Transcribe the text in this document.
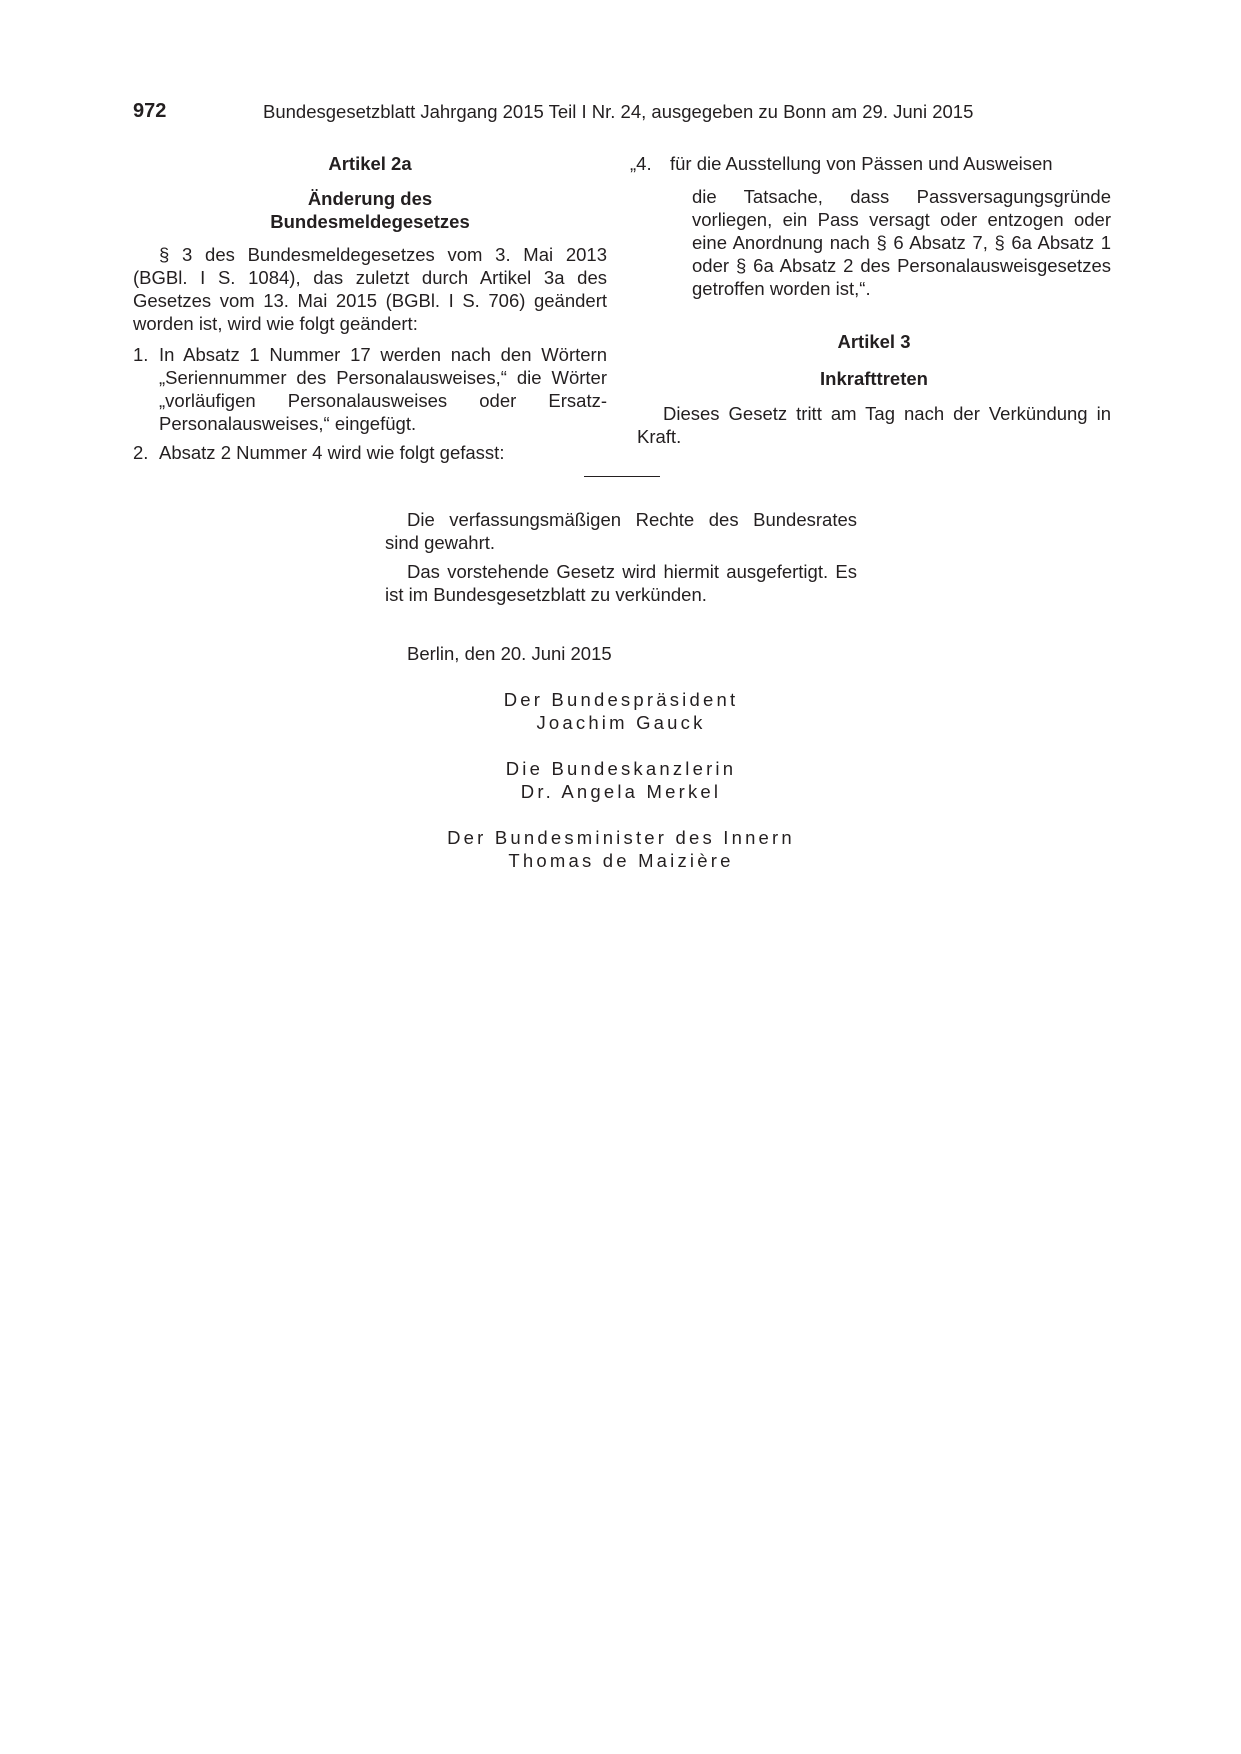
972	Bundesgesetzblatt Jahrgang 2015 Teil I Nr. 24, ausgegeben zu Bonn am 29. Juni 2015

Artikel 2a

Änderung des

Bundesmeldegesetzes

§ 3 des Bundesmeldegesetzes vom 3. Mai 2013 (BGBl. I S. 1084), das zuletzt durch Artikel 3a des Gesetzes vom 13. Mai 2015 (BGBl. I S. 706) geändert worden ist, wird wie folgt geändert:

1. In Absatz 1 Nummer 17 werden nach den Wörtern „Seriennummer des Personalausweises,“ die Wörter „vorläufigen Personalausweises oder Ersatz-Personalausweises,“ eingefügt.
2. Absatz 2 Nummer 4 wird wie folgt gefasst:
„4. für die Ausstellung von Pässen und Ausweisen

die Tatsache, dass Passversagungsgründe vorliegen, ein Pass versagt oder entzogen oder eine Anordnung nach § 6 Absatz 7, § 6a Absatz 1 oder § 6a Absatz 2 des Personalausweisgesetzes getroffen worden ist,“.

Artikel 3

Inkrafttreten

Dieses Gesetz tritt am Tag nach der Verkündung in Kraft.

Die verfassungsmäßigen Rechte des Bundesrates sind gewahrt.

Das vorstehende Gesetz wird hiermit ausgefertigt. Es ist im Bundesgesetzblatt zu verkünden.

Berlin, den 20. Juni 2015
Der Bundespräsident
Joachim Gauck
Die Bundeskanzlerin
Dr. Angela Merkel
Der Bundesminister des Innern
Thomas de Maizière
